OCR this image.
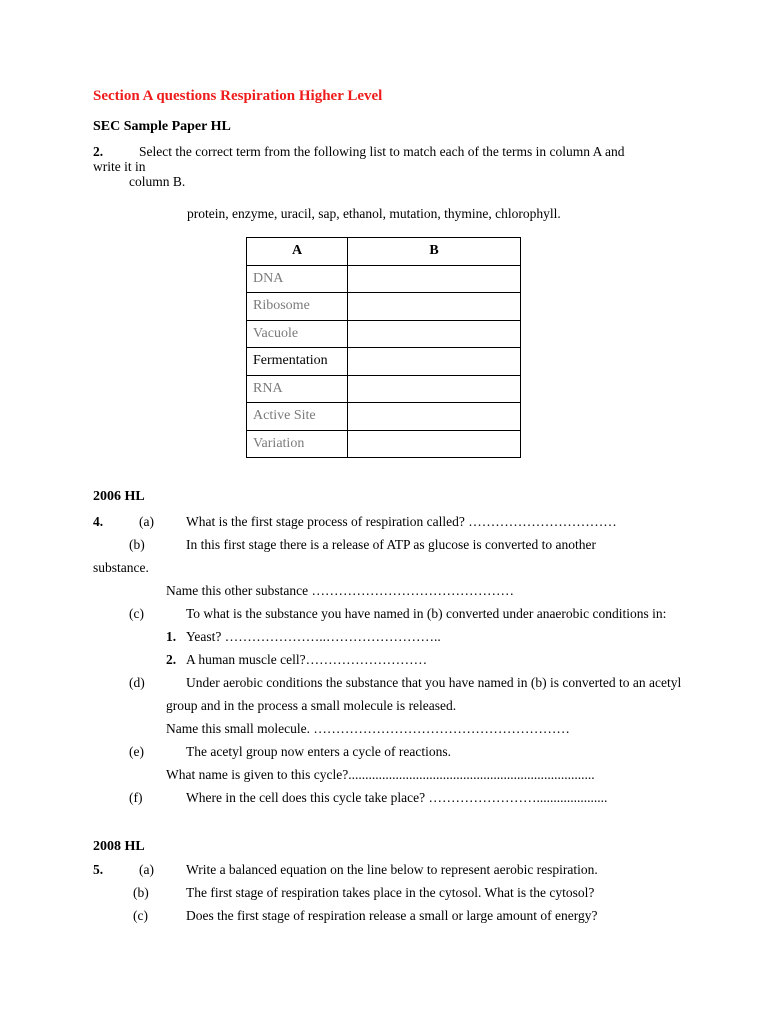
Section A questions Respiration Higher Level
SEC Sample Paper HL
2.	Select the correct term from the following list to match each of the terms in column A and
write it in
column B.
protein, enzyme, uracil, sap, ethanol, mutation, thymine, chlorophyll.
A	B
DNA	
Ribosome	
Vacuole	
Fermentation	
RNA	
Active Site	
Variation	
2006 HL
4.	(a) What is the first stage process of respiration called? ……………………………
(b)	In this first stage there is a release of ATP as glucose is converted to another
substance.
Name this other substance ………………………………………
(c)	To what is the substance you have named in (b) converted under anaerobic conditions in:
1. Yeast? …………………..……………………..
2. A human muscle cell?………………………
(d)	Under aerobic conditions the substance that you have named in (b) is converted to an acetyl
group and in the process a small molecule is released.
Name this small molecule. …………………………………………………
(e)	The acetyl group now enters a cycle of reactions.
What name is given to this cycle?.........................................................................
(f)	Where in the cell does this cycle take place? …………………….....................
2008 HL
5.	(a) Write a balanced equation on the line below to represent aerobic respiration.
(b)	The first stage of respiration takes place in the cytosol. What is the cytosol?
(c)	Does the first stage of respiration release a small or large amount of energy?
